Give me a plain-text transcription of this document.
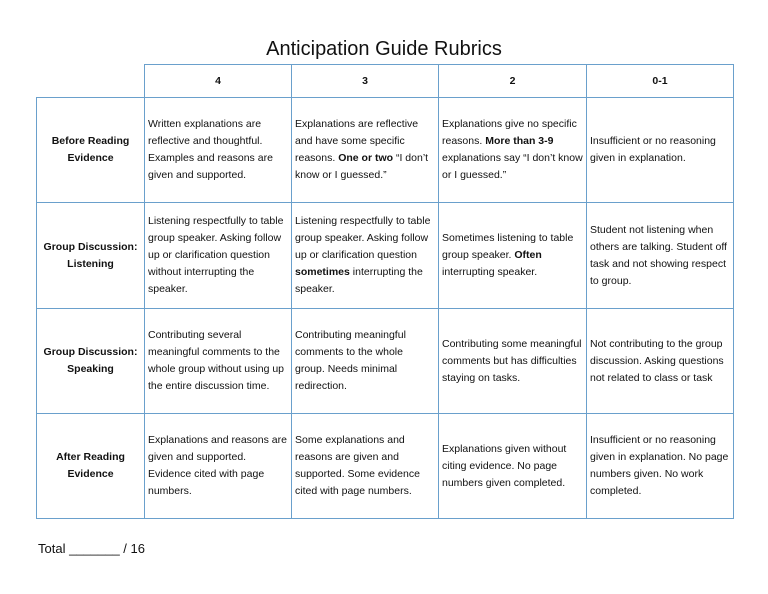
Anticipation Guide Rubrics
	4	3	2	0-1
Before Reading
Evidence	Written explanations are reflective and thoughtful. Examples and reasons are given and supported.	Explanations are reflective and have some specific reasons. One or two “I don’t know or I guessed.”	Explanations give no specific reasons. More than 3-9 explanations say “I don’t know or I guessed.”	Insufficient or no reasoning given in explanation.
Group Discussion:
Listening	Listening respectfully to table group speaker. Asking follow up or clarification question without interrupting the speaker.	Listening respectfully to table group speaker. Asking follow up or clarification question sometimes interrupting the speaker.	Sometimes listening to table group speaker. Often interrupting speaker.	Student not listening when others are talking. Student off task and not showing respect to group.
Group Discussion:
Speaking	Contributing several meaningful comments to the whole group without using up the entire discussion time.	Contributing meaningful comments to the whole group. Needs minimal redirection.	Contributing some meaningful comments but has difficulties staying on tasks.	Not contributing to the group discussion. Asking questions not related to class or task
After Reading
Evidence	Explanations and reasons are given and supported. Evidence cited with page numbers.	Some explanations and reasons are given and supported. Some evidence cited with page numbers.	Explanations given without citing evidence. No page numbers given completed.	Insufficient or no reasoning given in explanation. No page numbers given. No work completed.
Total _______ / 16
